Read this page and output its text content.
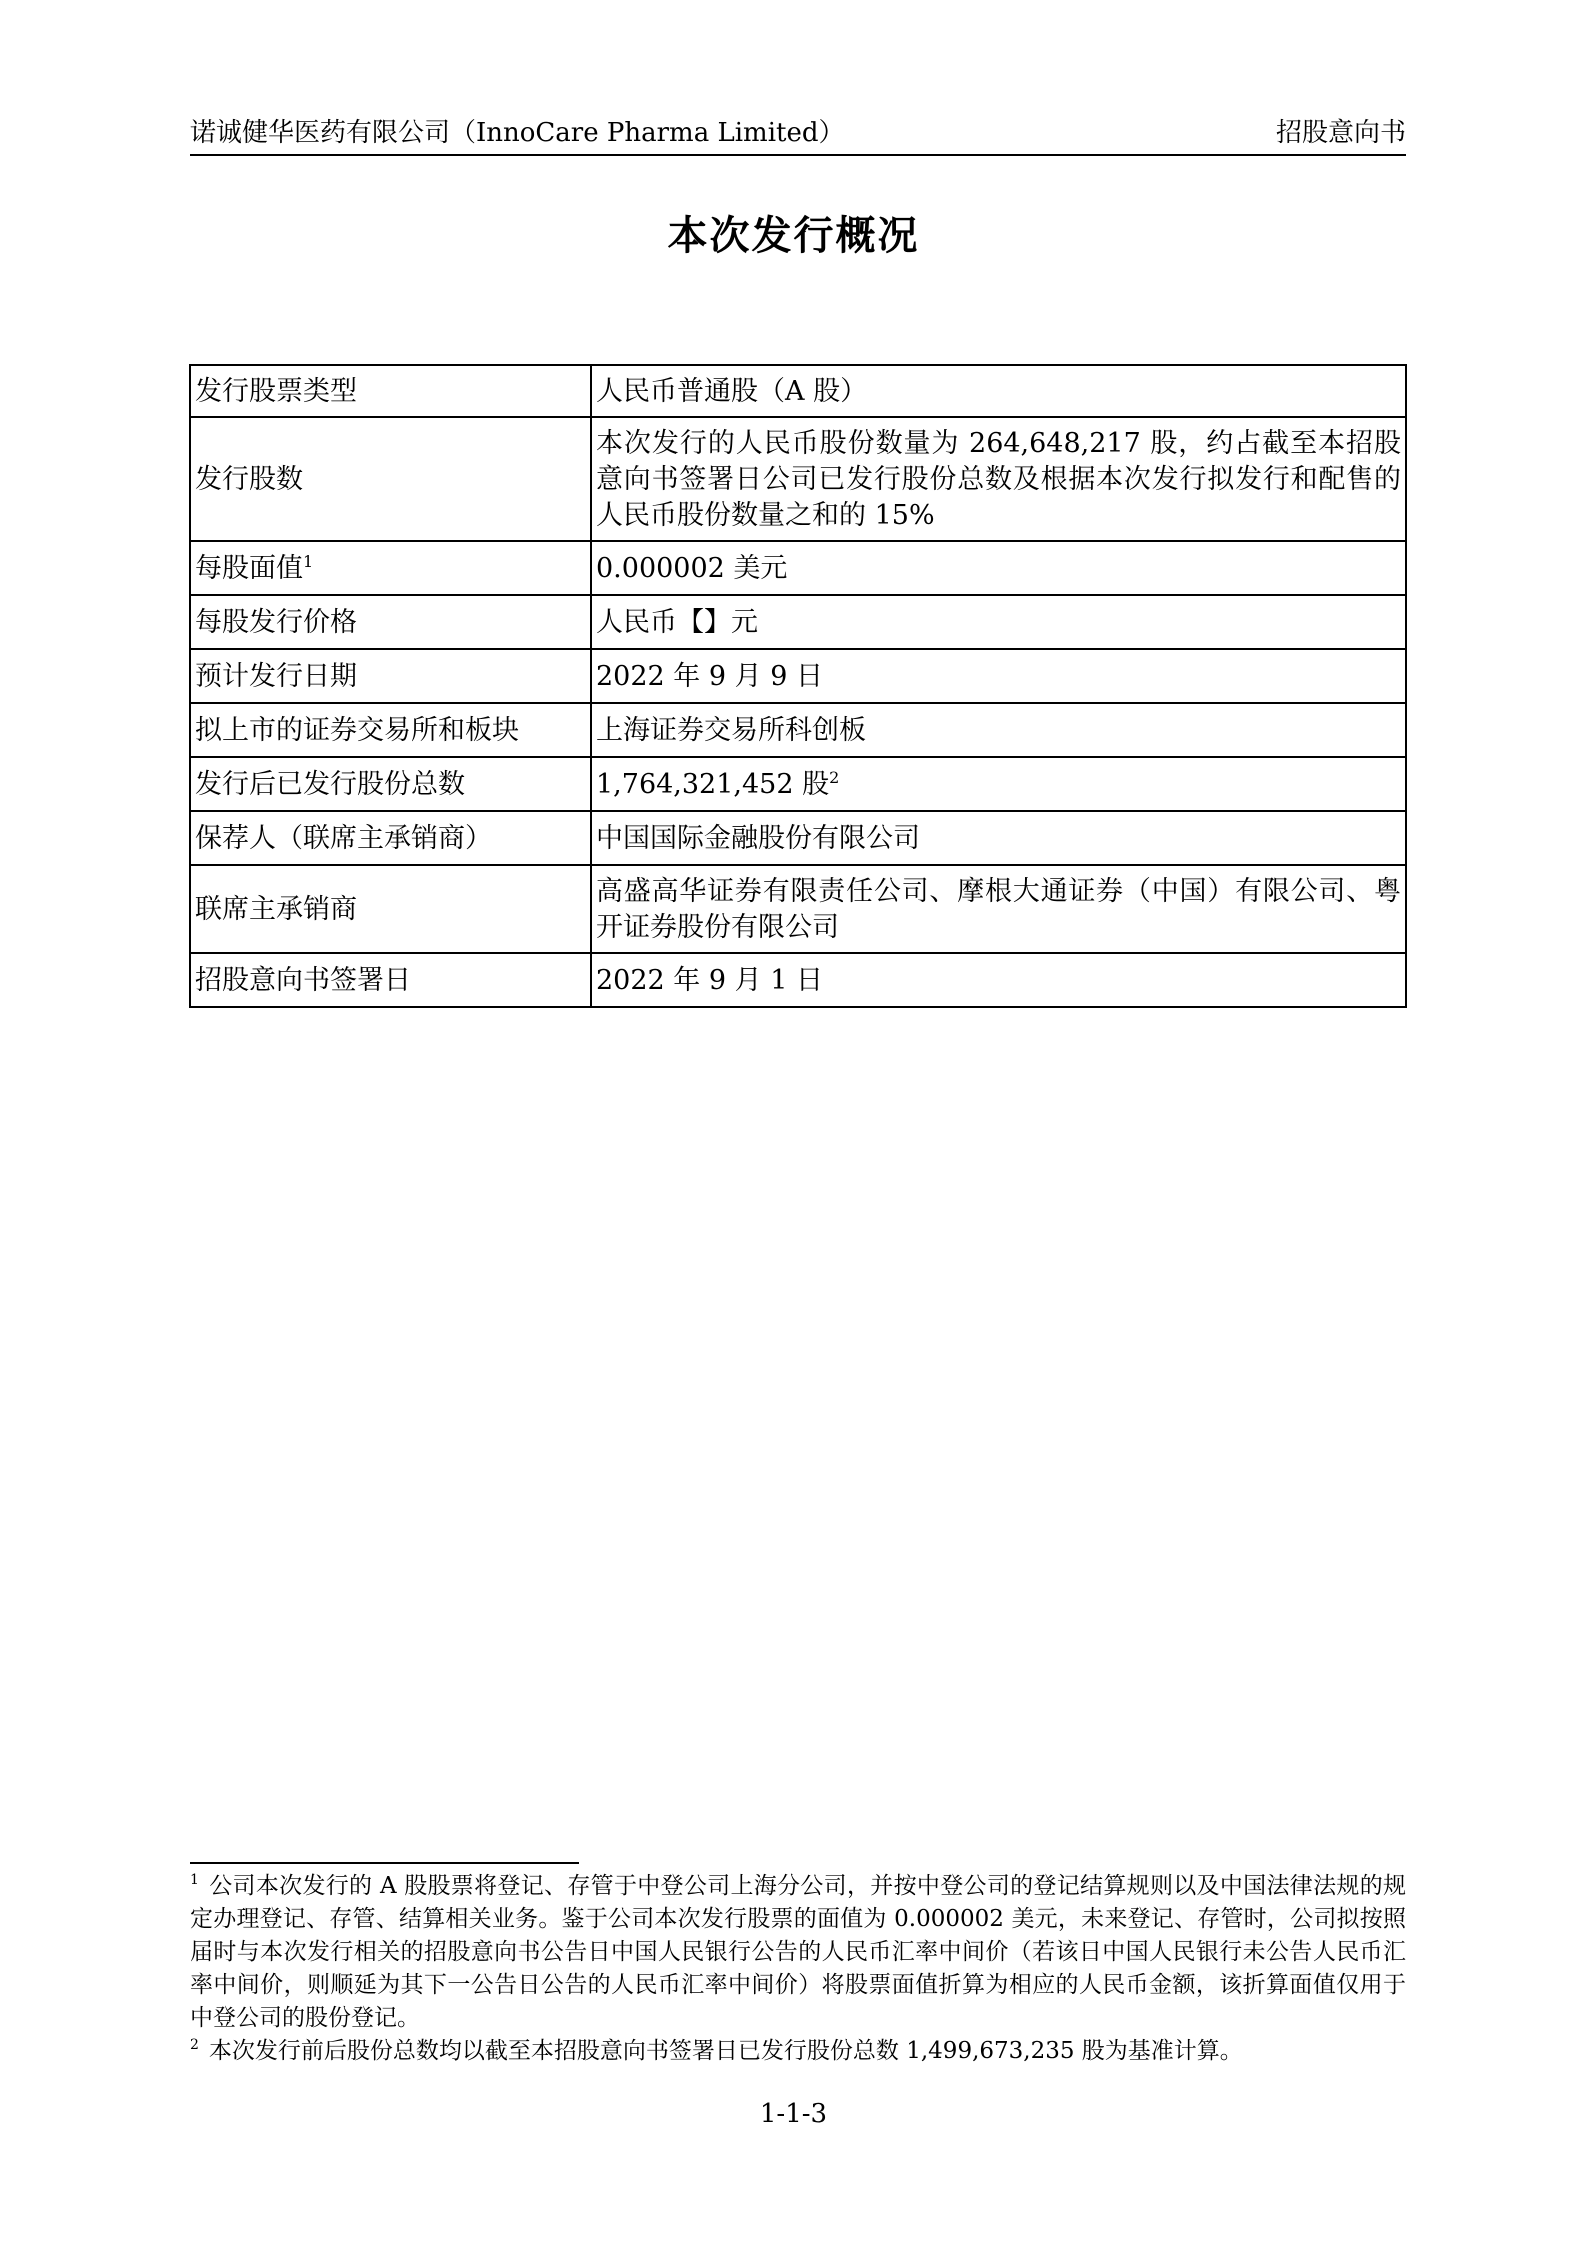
诺诚健华医药有限公司（InnoCare Pharma Limited）	招股意向书
本次发行概况
发行股票类型	人民币普通股（A 股）
发行股数	本次发行的人民币股份数量为 264,648,217 股，约占截至本招股意向书签署日公司已发行股份总数及根据本次发行拟发行和配售的人民币股份数量之和的 15%
每股面值$^1$	0.000002 美元
每股发行价格	人民币【】元
预计发行日期	2022 年 9 月 9 日
拟上市的证券交易所和板块	上海证券交易所科创板
发行后已发行股份总数	1,764,321,452 股$^2$
保荐人（联席主承销商）	中国国际金融股份有限公司
联席主承销商	高盛高华证券有限责任公司、摩根大通证券（中国）有限公司、粤开证券股份有限公司
招股意向书签署日	2022 年 9 月 1 日

$^1$ 公司本次发行的 A 股股票将登记、存管于中登公司上海分公司，并按中登公司的登记结算规则以及中国法律法规的规定办理登记、存管、结算相关业务。鉴于公司本次发行股票的面值为 0.000002 美元，未来登记、存管时，公司拟按照届时与本次发行相关的招股意向书公告日中国人民银行公告的人民币汇率中间价（若该日中国人民银行未公告人民币汇率中间价，则顺延为其下一公告日公告的人民币汇率中间价）将股票面值折算为相应的人民币金额，该折算面值仅用于中登公司的股份登记。

$^2$ 本次发行前后股份总数均以截至本招股意向书签署日已发行股份总数 1,499,673,235 股为基准计算。

1-1-3
